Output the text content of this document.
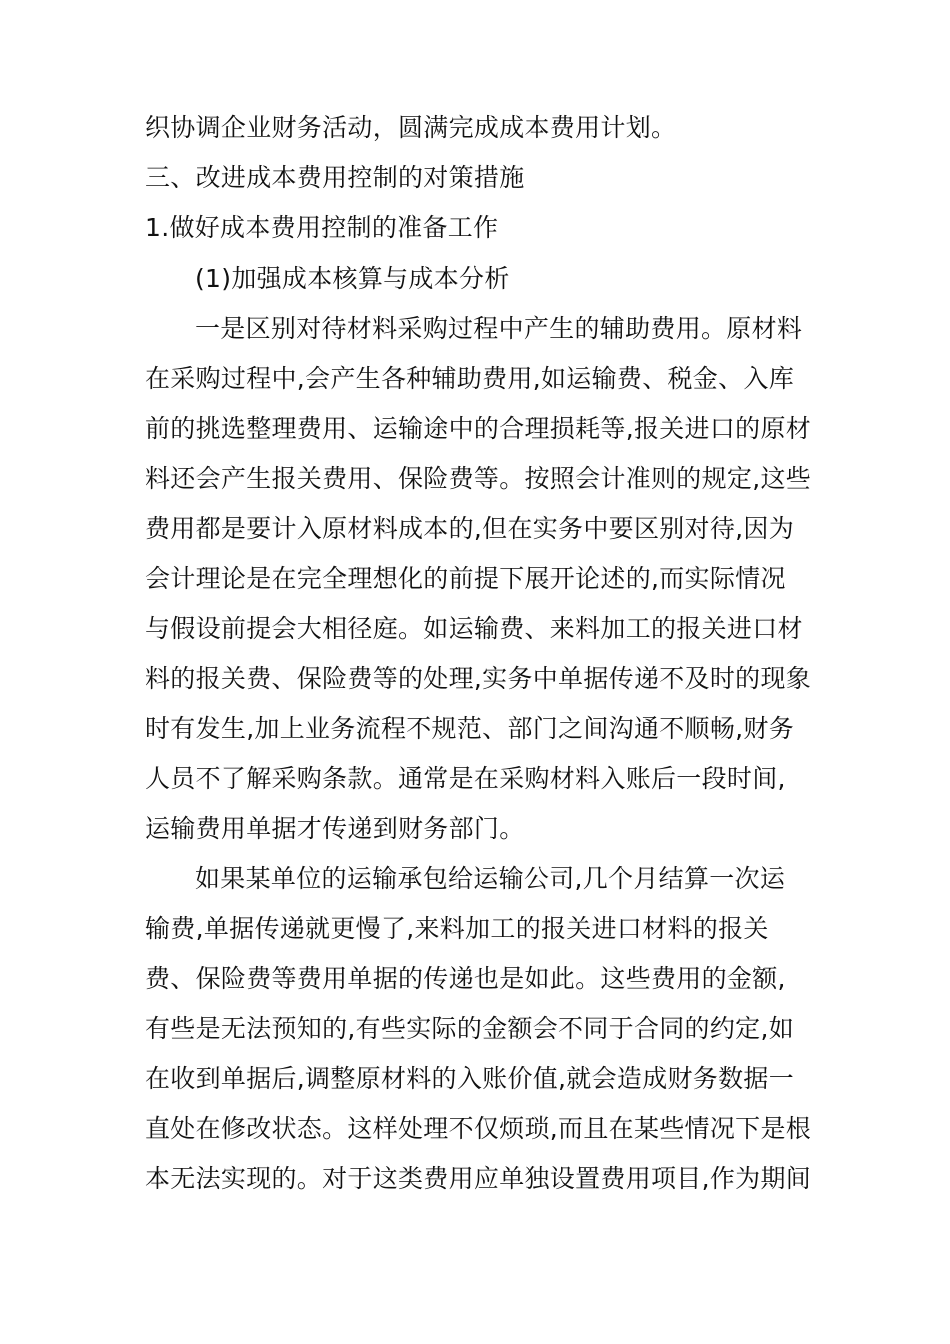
织协调企业财务活动，圆满完成成本费用计划。
三、改进成本费用控制的对策措施
1.做好成本费用控制的准备工作
(1)加强成本核算与成本分析
一是区别对待材料采购过程中产生的辅助费用。原材料
在采购过程中,会产生各种辅助费用,如运输费、税金、入库
前的挑选整理费用、运输途中的合理损耗等,报关进口的原材
料还会产生报关费用、保险费等。按照会计准则的规定,这些
费用都是要计入原材料成本的,但在实务中要区别对待,因为
会计理论是在完全理想化的前提下展开论述的,而实际情况
与假设前提会大相径庭。如运输费、来料加工的报关进口材
料的报关费、保险费等的处理,实务中单据传递不及时的现象
时有发生,加上业务流程不规范、部门之间沟通不顺畅,财务
人员不了解采购条款。通常是在采购材料入账后一段时间,
运输费用单据才传递到财务部门。
如果某单位的运输承包给运输公司,几个月结算一次运
输费,单据传递就更慢了,来料加工的报关进口材料的报关
费、保险费等费用单据的传递也是如此。这些费用的金额,
有些是无法预知的,有些实际的金额会不同于合同的约定,如
在收到单据后,调整原材料的入账价值,就会造成财务数据一
直处在修改状态。这样处理不仅烦琐,而且在某些情况下是根
本无法实现的。对于这类费用应单独设置费用项目,作为期间
